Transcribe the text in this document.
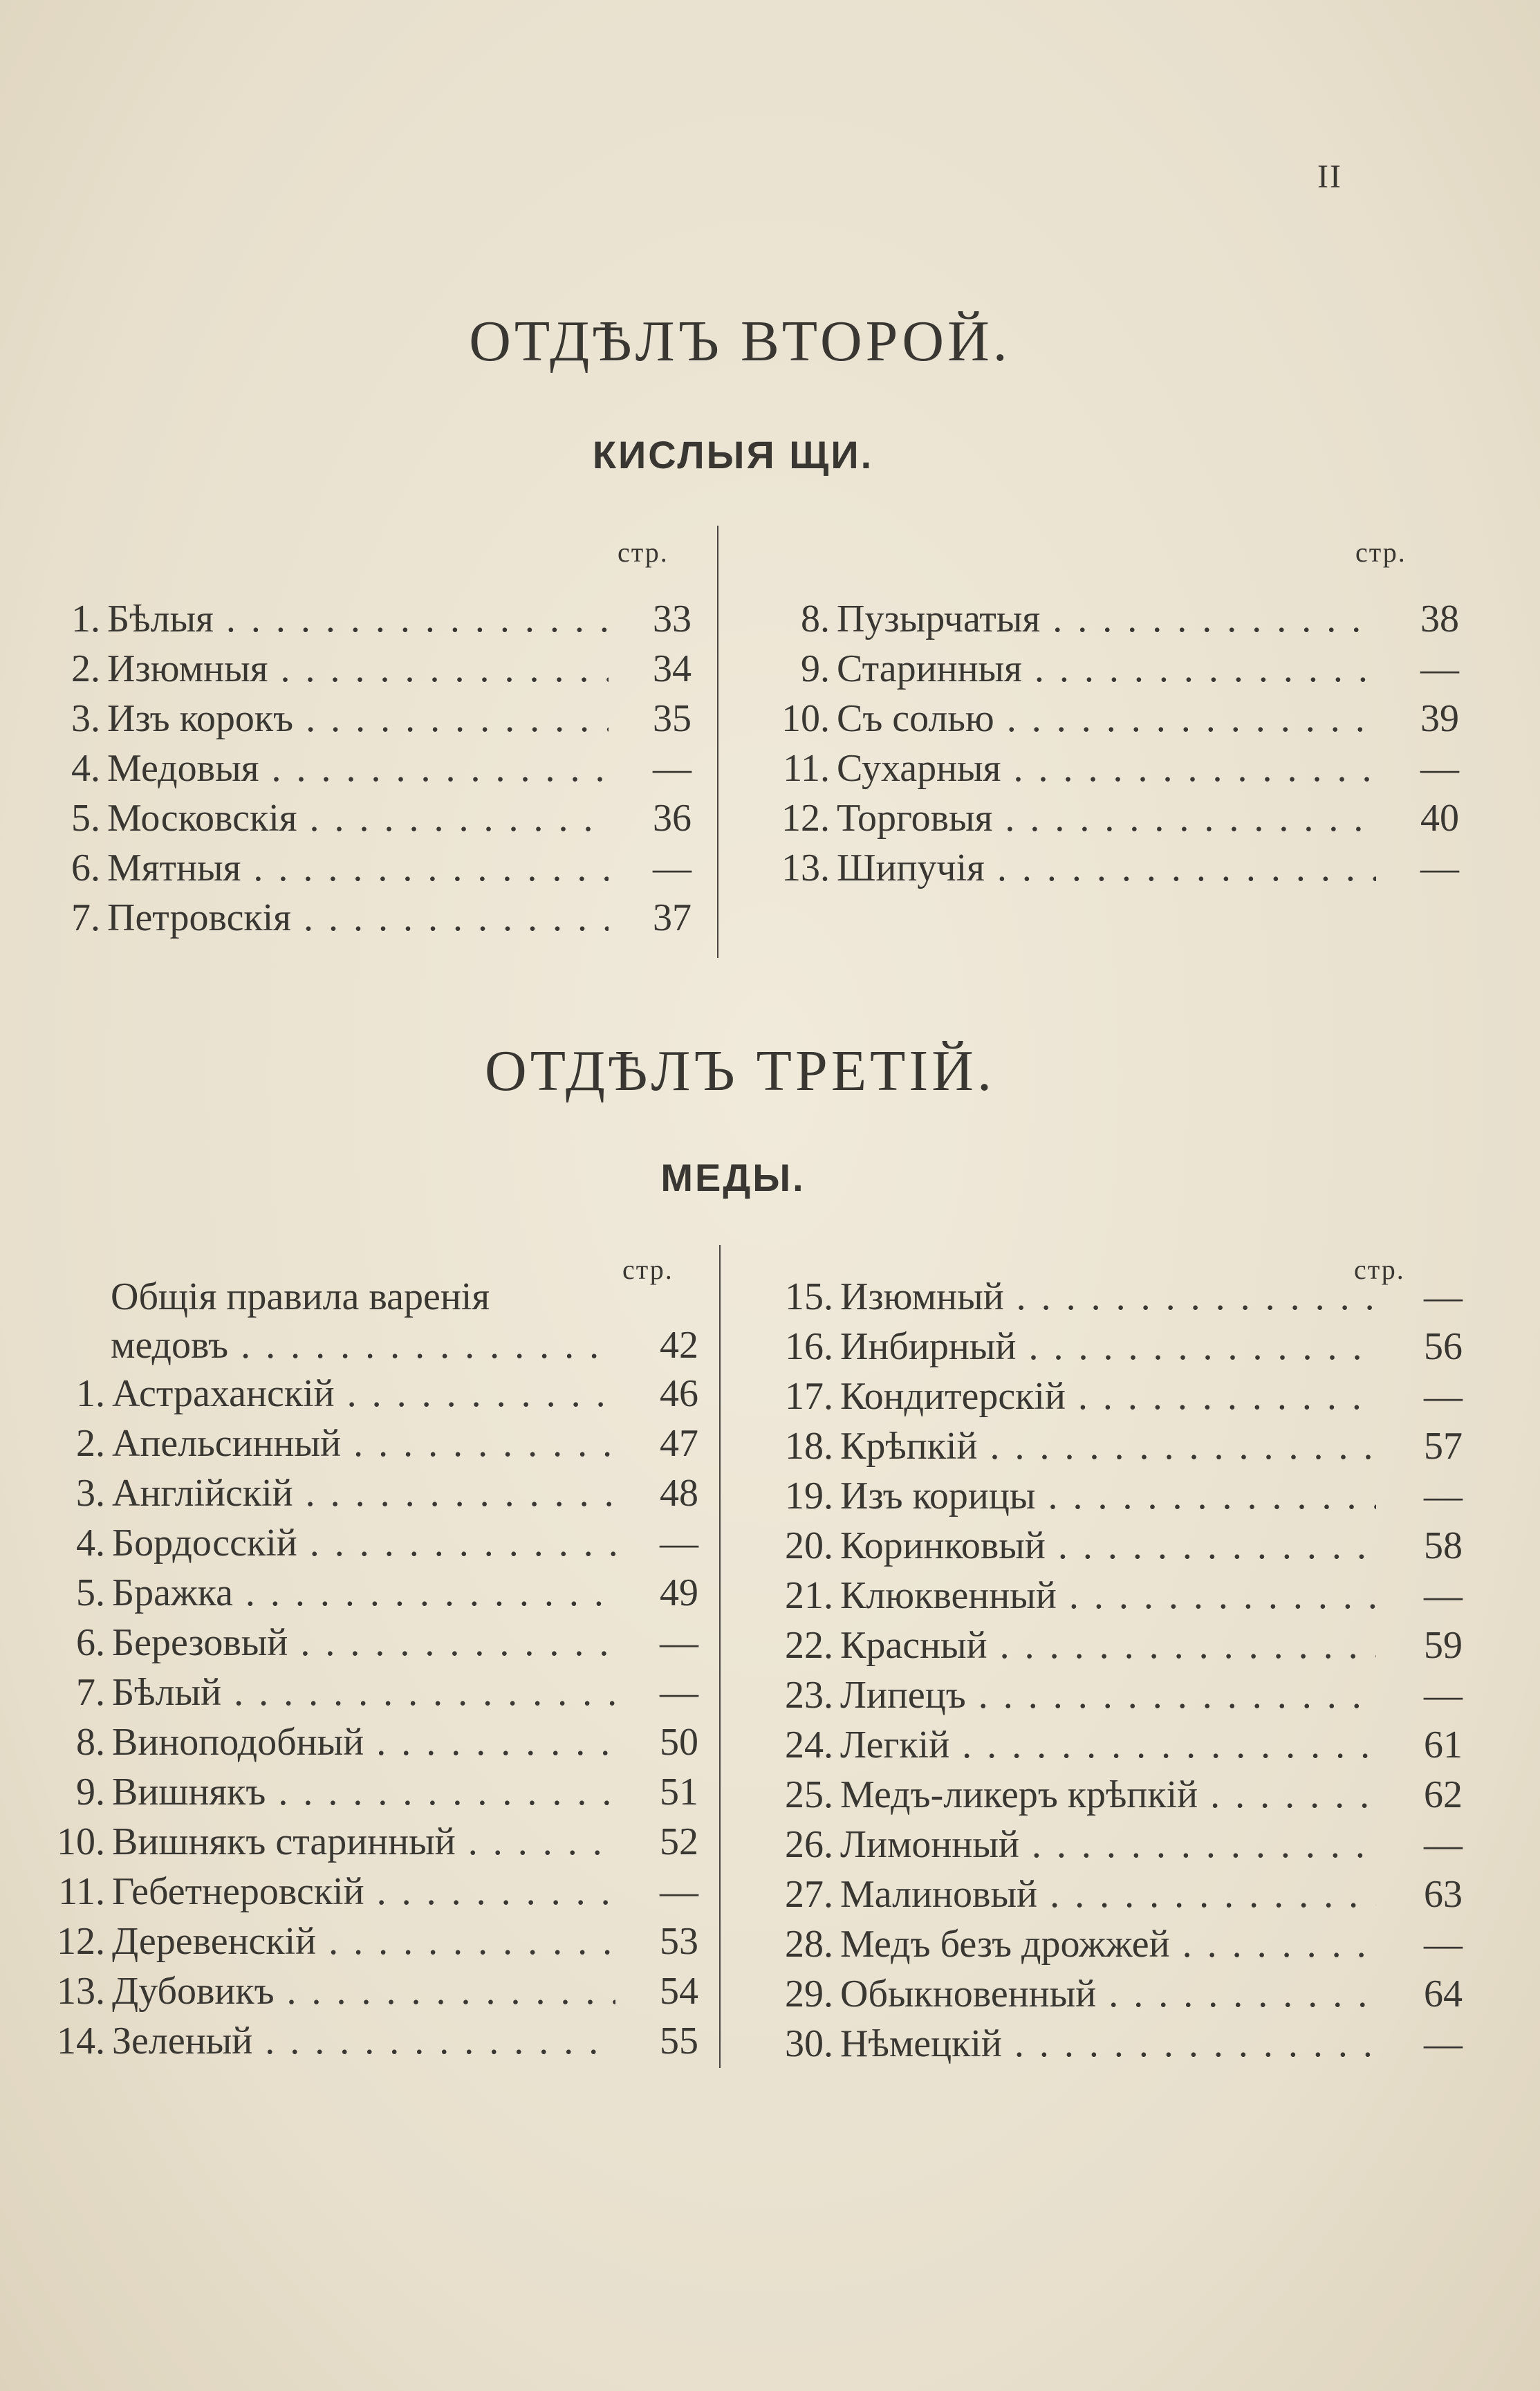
II
ОТДѢЛЪ ВТОРОЙ.
КИСЛЫЯ ЩИ.
стр.	стр.
1. Бѣлыя . . .	33
2. Изюмныя . . .	34
3. Изъ корокъ . . .	35
4. Медовыя . . .	—
5. Московскія . . .	36
6. Мятныя . . .	—
7. Петровскія . . .	37
8. Пузырчатыя . . .	38
9. Старинныя . . .	—
10. Съ солью . . .	39
11. Сухарныя . . .	—
12. Торговыя . . .	40
13. Шипучія . . .	—
ОТДѢЛЪ ТРЕТІЙ.
МЕДЫ.
стр.	стр.
Общія правила варенія
медовъ . . .	42
1. Астраханскій . . .	46
2. Апельсинный . . .	47
3. Англійскій . . .	48
4. Бордосскій . . .	—
5. Бражка . . .	49
6. Березовый . . .	—
7. Бѣлый . . .	—
8. Виноподобный . . .	50
9. Вишнякъ . . .	51
10. Вишнякъ старинный . . .	52
11. Гебетнеровскій . . .	—
12. Деревенскій . . .	53
13. Дубовикъ . . .	54
14. Зеленый . . .	55
15. Изюмный . . .	—
16. Инбирный . . .	56
17. Кондитерскій . . .	—
18. Крѣпкій . . .	57
19. Изъ корицы . . .	—
20. Коринковый . . .	58
21. Клюквенный . . .	—
22. Красный . . .	59
23. Липецъ . . .	—
24. Легкій . . .	61
25. Медъ-ликеръ крѣпкій . . .	62
26. Лимонный . . .	—
27. Малиновый . . .	63
28. Медъ безъ дрожжей . . .	—
29. Обыкновенный . . .	64
30. Нѣмецкій . . .	—
